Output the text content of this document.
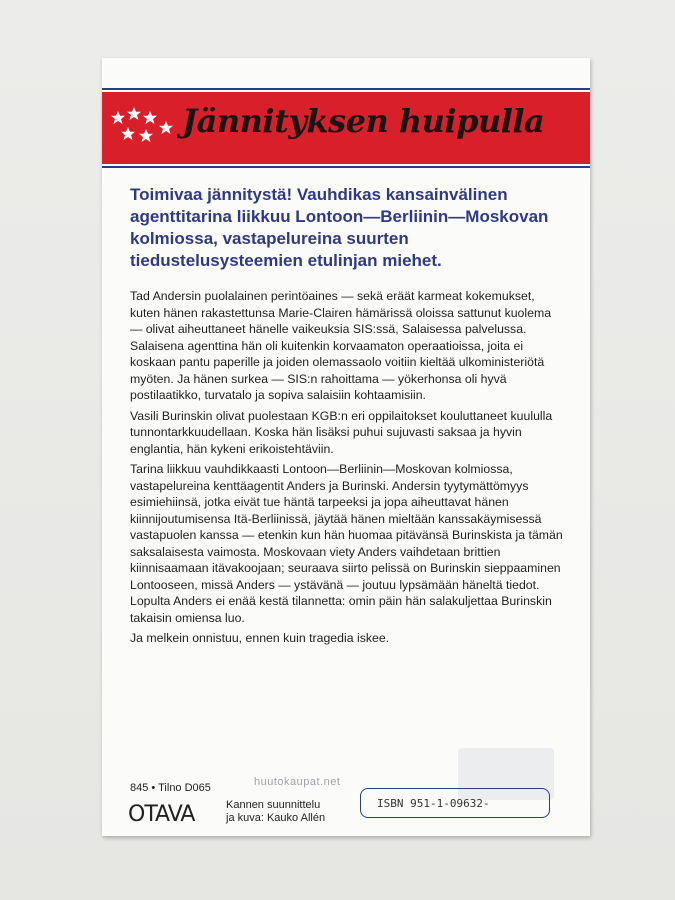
Jännityksen huipulla

Toimivaa jännitystä! Vauhdikas kansainvälinen agenttitarina liikkuu Lontoon—Berliinin—Moskovan kolmiossa, vastapelureina suurten tiedustelusysteemien etulinjan miehet.

Tad Andersin puolalainen perintöaines — sekä eräät karmeat kokemukset, kuten hänen rakastettunsa Marie-Clairen hämärissä oloissa sattunut kuolema — olivat aiheuttaneet hänelle vaikeuksia SIS:ssä, Salaisessa palvelussa. Salaisena agenttina hän oli kuitenkin korvaamaton operaatioissa, joita ei koskaan pantu paperille ja joiden olemassaolo voitiin kieltää ulkoministeriötä myöten. Ja hänen surkea — SIS:n rahoittama — yökerhonsa oli hyvä postilaatikko, turvatalo ja sopiva salaisiin kohtaamisiin.

Vasili Burinskin olivat puolestaan KGB:n eri oppilaitokset kouluttaneet kuululla tunnontarkkuudellaan. Koska hän lisäksi puhui sujuvasti saksaa ja hyvin englantia, hän kykeni erikoistehtäviin.

Tarina liikkuu vauhdikkaasti Lontoon—Berliinin—Moskovan kolmiossa, vastapelureina kenttäagentit Anders ja Burinski. Andersin tyytymättömyys esimiehiinsä, jotka eivät tue häntä tarpeeksi ja jopa aiheuttavat hänen kiinnijoutumisensa Itä-Berliinissä, jäytää hänen mieltään kanssakäymisessä vastapuolen kanssa — etenkin kun hän huomaa pitävänsä Burinskista ja tämän saksalaisesta vaimosta. Moskovaan viety Anders vaihdetaan brittien kiinnisaamaan itävakoojaan; seuraava siirto pelissä on Burinskin sieppaaminen Lontooseen, missä Anders — ystävänä — joutuu lypsämään häneltä tiedot. Lopulta Anders ei enää kestä tilannetta: omin päin hän salakuljettaa Burinskin takaisin omiensa luo.

Ja melkein onnistuu, ennen kuin tragedia iskee.

845 • Tilno D065
OTAVA	Kannen suunnittelu
ja kuva: Kauko Allén
ISBN 951-1-09632-
huutokaupat.net
